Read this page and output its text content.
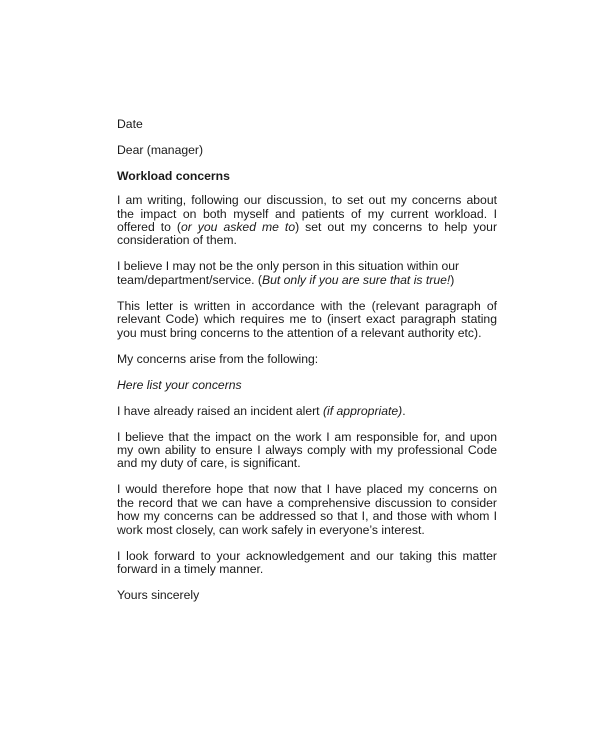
Date

Dear (manager)

Workload concerns

I am writing, following our discussion, to set out my concerns about the impact on both myself and patients of my current workload. I offered to (or you asked me to) set out my concerns to help your consideration of them.

I believe I may not be the only person in this situation within our team/department/service. (But only if you are sure that is true!)

This letter is written in accordance with the (relevant paragraph of relevant Code) which requires me to (insert exact paragraph stating you must bring concerns to the attention of a relevant authority etc).

My concerns arise from the following:

Here list your concerns

I have already raised an incident alert (if appropriate).

I believe that the impact on the work I am responsible for, and upon my own ability to ensure I always comply with my professional Code and my duty of care, is significant.

I would therefore hope that now that I have placed my concerns on the record that we can have a comprehensive discussion to consider how my concerns can be addressed so that I, and those with whom I work most closely, can work safely in everyone’s interest.

I look forward to your acknowledgement and our taking this matter forward in a timely manner.

Yours sincerely
